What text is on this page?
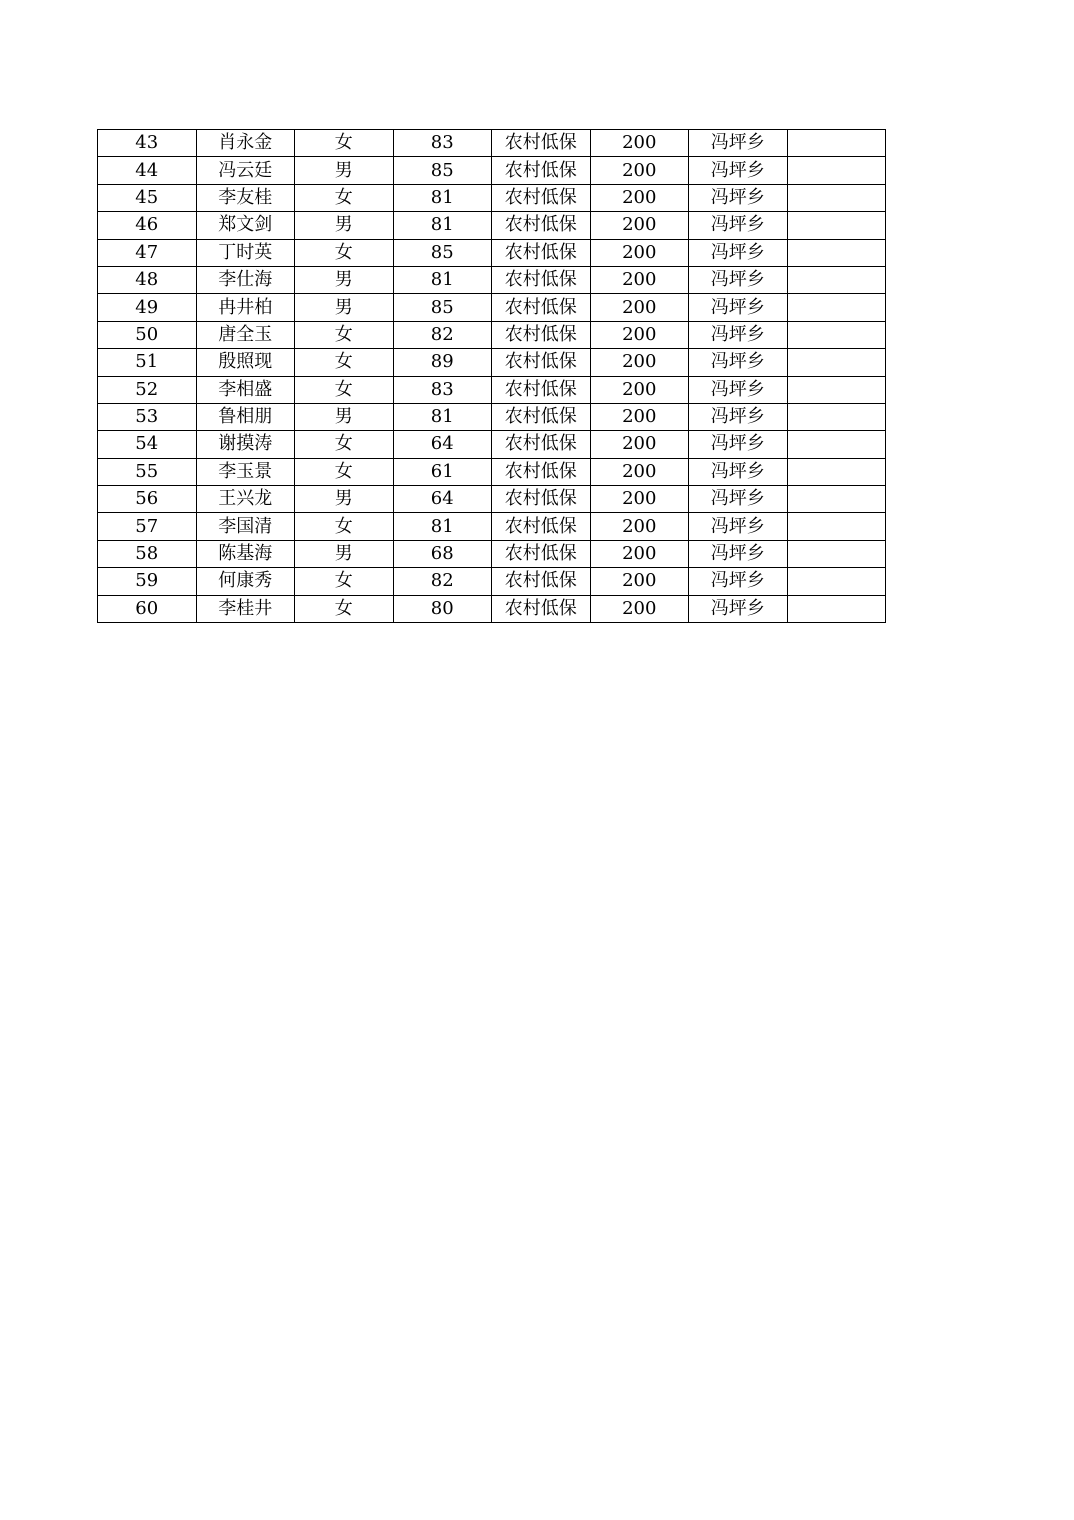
43	肖永金	女	83	农村低保	200	冯坪乡	
44	冯云廷	男	85	农村低保	200	冯坪乡	
45	李友桂	女	81	农村低保	200	冯坪乡	
46	郑文剑	男	81	农村低保	200	冯坪乡	
47	丁时英	女	85	农村低保	200	冯坪乡	
48	李仕海	男	81	农村低保	200	冯坪乡	
49	冉井柏	男	85	农村低保	200	冯坪乡	
50	唐全玉	女	82	农村低保	200	冯坪乡	
51	殷照现	女	89	农村低保	200	冯坪乡	
52	李相盛	女	83	农村低保	200	冯坪乡	
53	鲁相朋	男	81	农村低保	200	冯坪乡	
54	谢摸涛	女	64	农村低保	200	冯坪乡	
55	李玉景	女	61	农村低保	200	冯坪乡	
56	王兴龙	男	64	农村低保	200	冯坪乡	
57	李国清	女	81	农村低保	200	冯坪乡	
58	陈基海	男	68	农村低保	200	冯坪乡	
59	何康秀	女	82	农村低保	200	冯坪乡	
60	李桂井	女	80	农村低保	200	冯坪乡	
